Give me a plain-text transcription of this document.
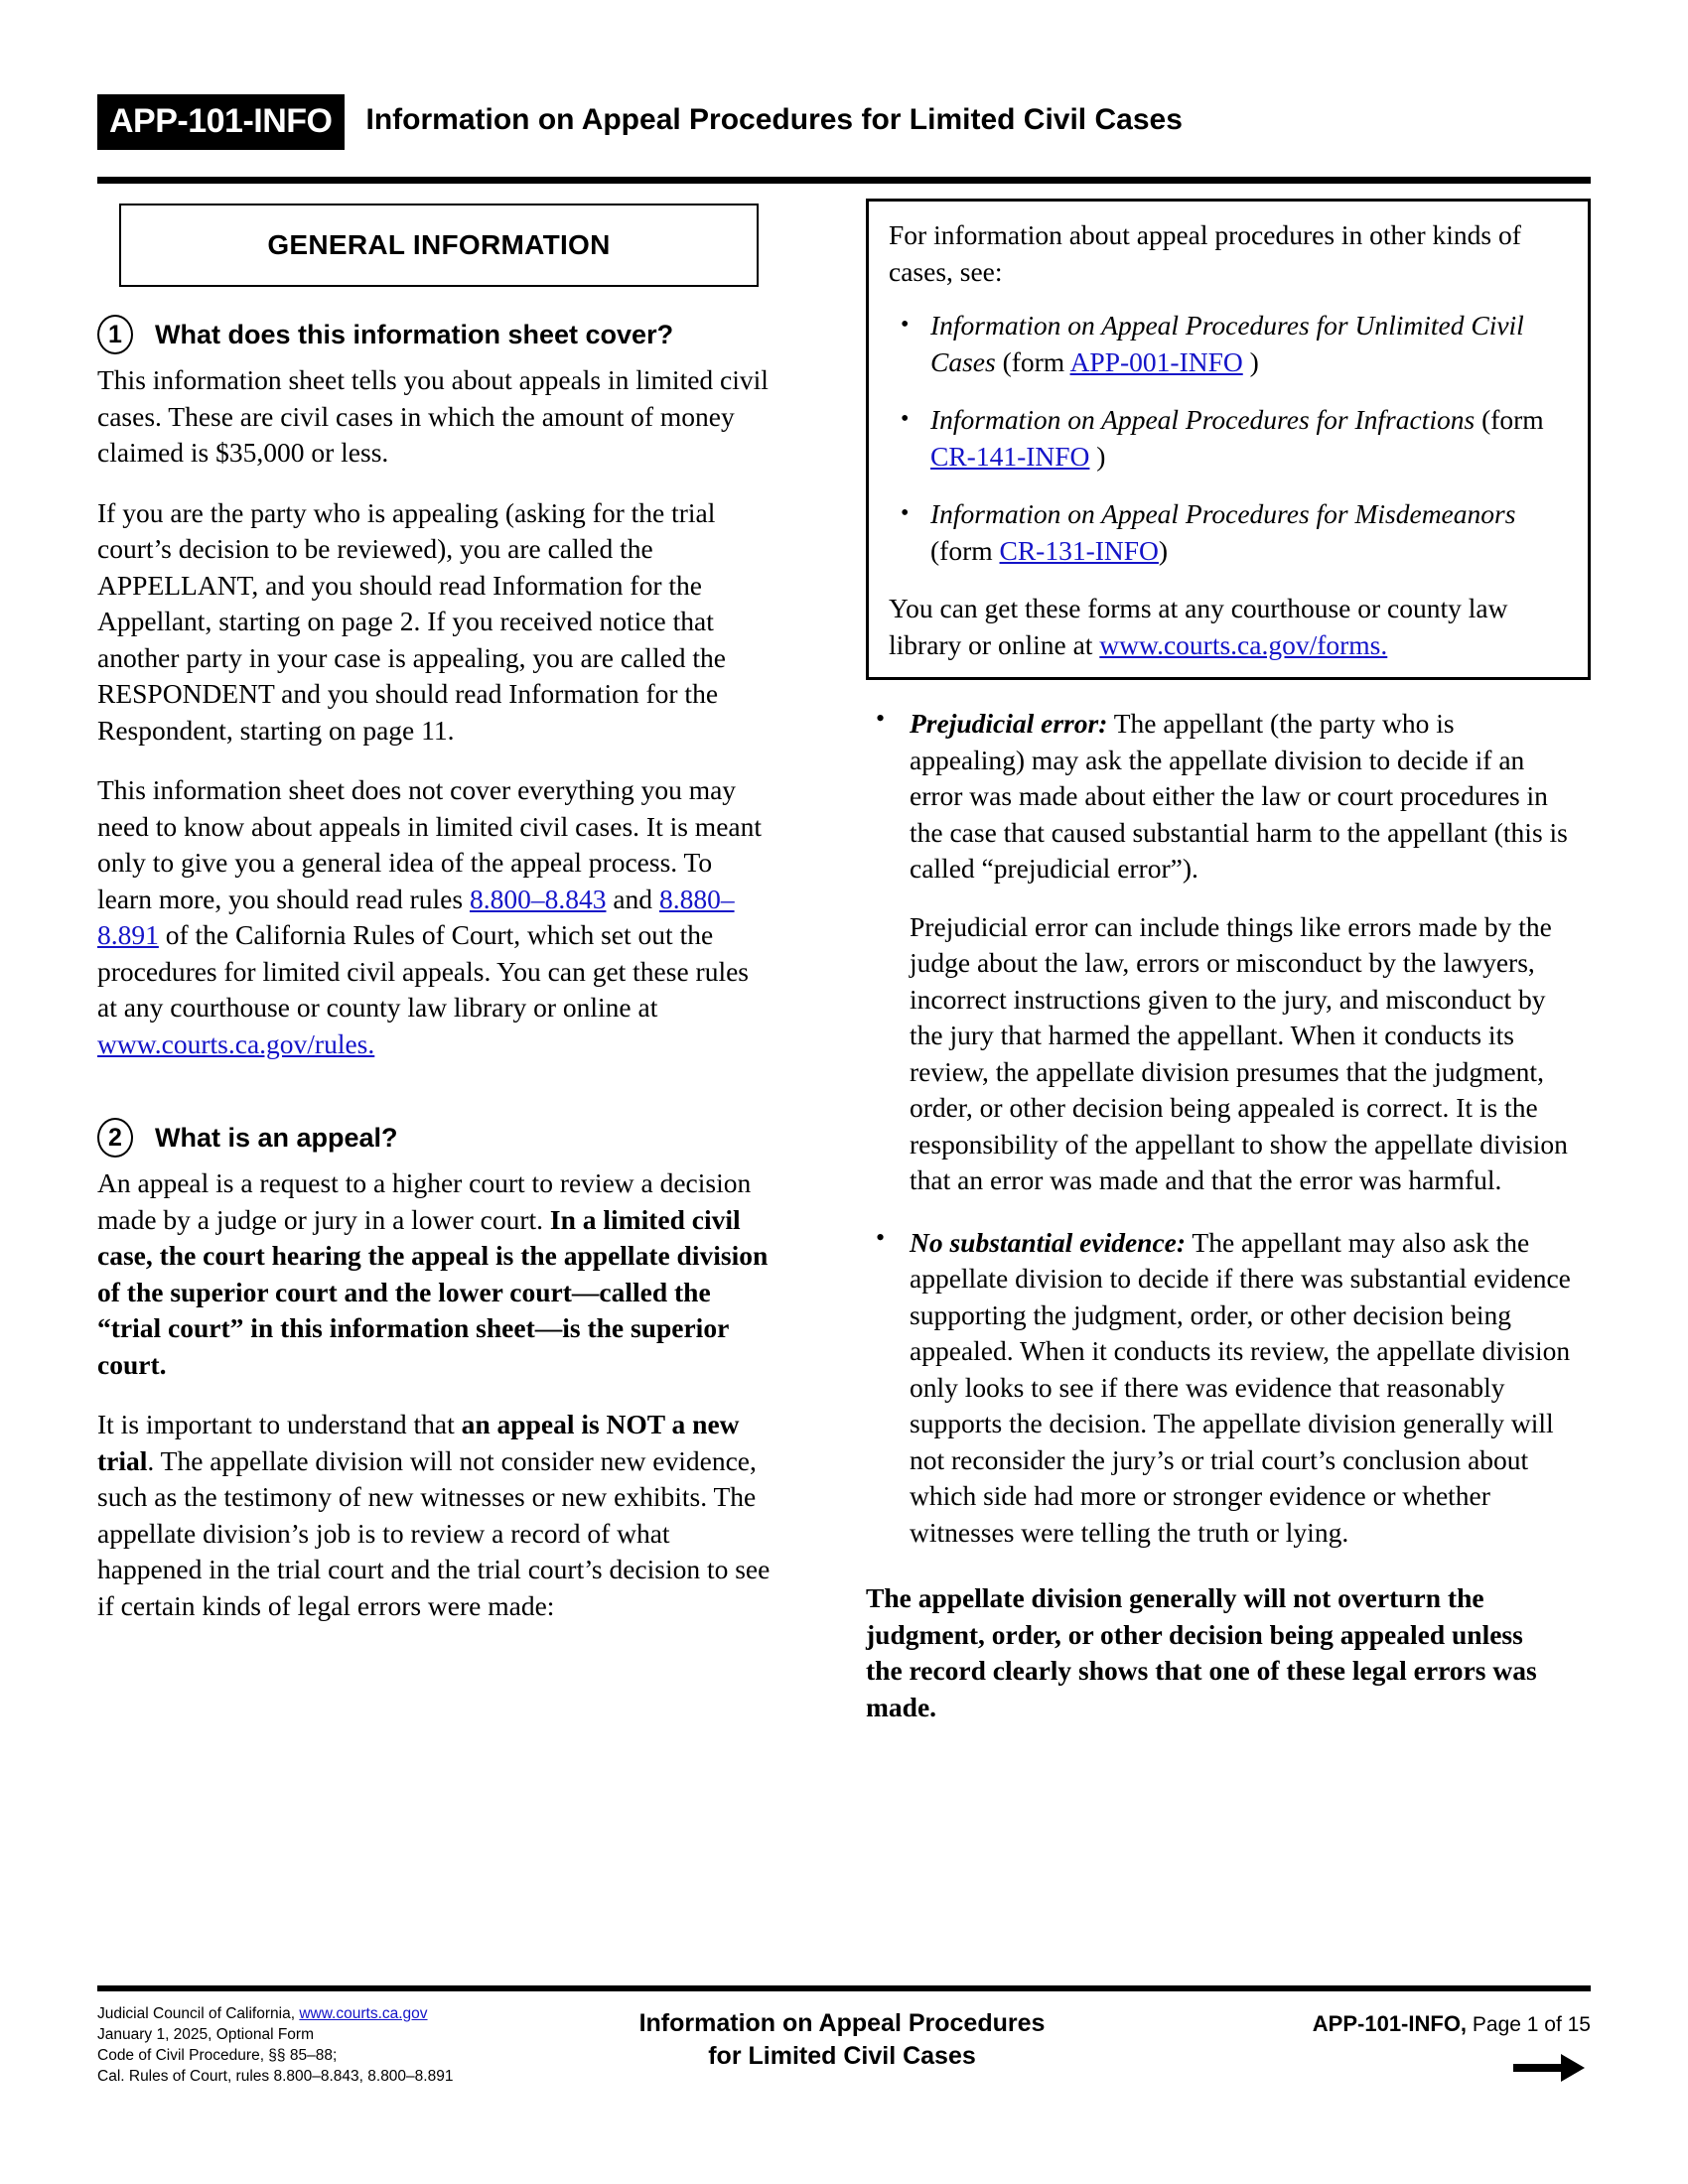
APP-101-INFO	Information on Appeal Procedures for Limited Civil Cases
GENERAL INFORMATION
1	What does this information sheet cover?

This information sheet tells you about appeals in limited civil cases. These are civil cases in which the amount of money claimed is $35,000 or less.

If you are the party who is appealing (asking for the trial court’s decision to be reviewed), you are called the APPELLANT, and you should read Information for the Appellant, starting on page 2. If you received notice that another party in your case is appealing, you are called the RESPONDENT and you should read Information for the Respondent, starting on page 11.

This information sheet does not cover everything you may need to know about appeals in limited civil cases. It is meant only to give you a general idea of the appeal process. To learn more, you should read rules 8.800–8.843 and 8.880–8.891 of the California Rules of Court, which set out the procedures for limited civil appeals. You can get these rules at any courthouse or county law library or online at www.courts.ca.gov/rules.

2	What is an appeal?

An appeal is a request to a higher court to review a decision made by a judge or jury in a lower court. In a limited civil case, the court hearing the appeal is the appellate division of the superior court and the lower court—called the “trial court” in this information sheet—is the superior court.

It is important to understand that an appeal is NOT a new trial. The appellate division will not consider new evidence, such as the testimony of new witnesses or new exhibits. The appellate division’s job is to review a record of what happened in the trial court and the trial court’s decision to see if certain kinds of legal errors were made:

For information about appeal procedures in other kinds of cases, see:

• Information on Appeal Procedures for Unlimited Civil Cases (form APP-001-INFO )
• Information on Appeal Procedures for Infractions (form CR-141-INFO )
• Information on Appeal Procedures for Misdemeanors (form CR-131-INFO)

You can get these forms at any courthouse or county law library or online at www.courts.ca.gov/forms.

• Prejudicial error: The appellant (the party who is appealing) may ask the appellate division to decide if an error was made about either the law or court procedures in the case that caused substantial harm to the appellant (this is called “prejudicial error”).

Prejudicial error can include things like errors made by the judge about the law, errors or misconduct by the lawyers, incorrect instructions given to the jury, and misconduct by the jury that harmed the appellant. When it conducts its review, the appellate division presumes that the judgment, order, or other decision being appealed is correct. It is the responsibility of the appellant to show the appellate division that an error was made and that the error was harmful.

• No substantial evidence: The appellant may also ask the appellate division to decide if there was substantial evidence supporting the judgment, order, or other decision being appealed. When it conducts its review, the appellate division only looks to see if there was evidence that reasonably supports the decision. The appellate division generally will not reconsider the jury’s or trial court’s conclusion about which side had more or stronger evidence or whether witnesses were telling the truth or lying.

The appellate division generally will not overturn the judgment, order, or other decision being appealed unless the record clearly shows that one of these legal errors was made.
Judicial Council of California, www.courts.ca.gov
January 1, 2025, Optional Form
Code of Civil Procedure, §§ 85–88;
Cal. Rules of Court, rules 8.800–8.843, 8.800–8.891
Information on Appeal Procedures
for Limited Civil Cases
APP-101-INFO, Page 1 of 15
